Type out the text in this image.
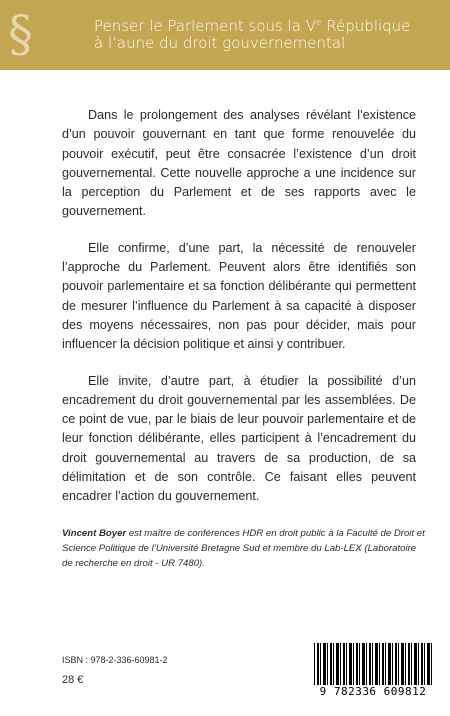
§	Penser le Parlement sous la Ve République
à l’aune du droit gouvernemental

Dans le prolongement des analyses révélant l’existence d’un pouvoir gouvernant en tant que forme renouvelée du pouvoir exécutif, peut être consacrée l’existence d’un droit gouvernemental. Cette nouvelle approche a une incidence sur la perception du Parlement et de ses rapports avec le gouvernement.

Elle confirme, d’une part, la nécessité de renouveler l’approche du Parlement. Peuvent alors être identifiés son pouvoir parlementaire et sa fonction délibérante qui permettent de mesurer l’influence du Parlement à sa capacité à disposer des moyens nécessaires, non pas pour décider, mais pour influencer la décision politique et ainsi y contribuer.

Elle invite, d’autre part, à étudier la possibilité d’un encadrement du droit gouvernemental par les assemblées. De ce point de vue, par le biais de leur pouvoir parlementaire et de leur fonction délibérante, elles participent à l’encadrement du droit gouvernemental au travers de sa production, de sa délimitation et de son contrôle. Ce faisant elles peuvent encadrer l’action du gouvernement.

Vincent Boyer est maître de conférences HDR en droit public à la Faculté de Droit et Science Politique de l’Université Bretagne Sud et membre du Lab-LEX (Laboratoire de recherche en droit - UR 7480).
ISBN : 978-2-336-60981-2
28 €
9 782336 609812
